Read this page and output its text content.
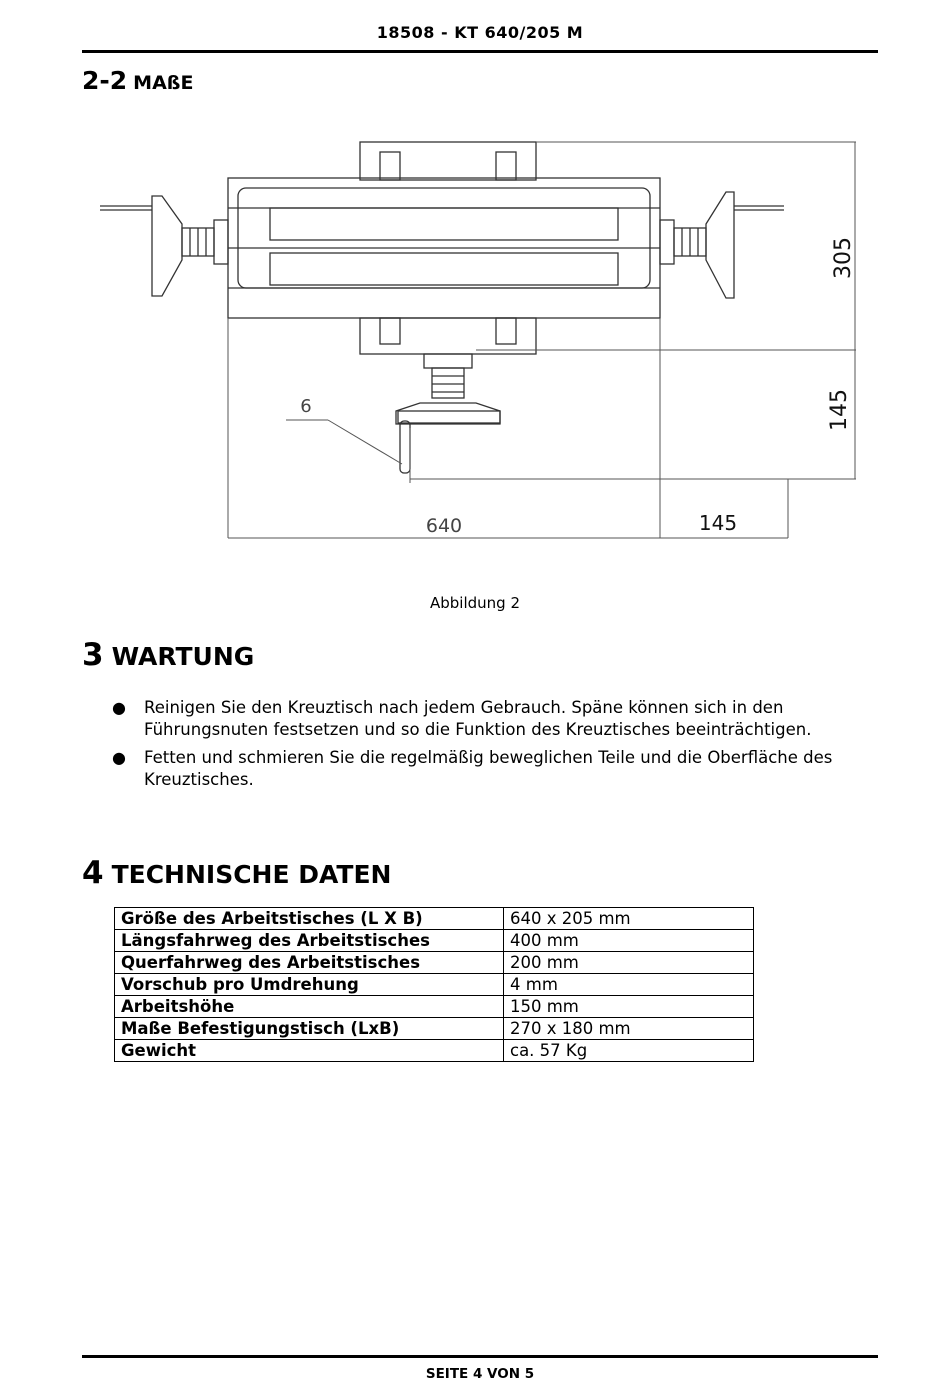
18508 - KT 640/205 M
2-2 MAßE
305
145
145
640
6
Abbildung 2
3 WARTUNG
● Reinigen Sie den Kreuztisch nach jedem Gebrauch. Späne können sich in den Führungsnuten festsetzen und so die Funktion des Kreuztisches beeinträchtigen.
● Fetten und schmieren Sie die regelmäßig beweglichen Teile und die Oberfläche des Kreuztisches.
4 TECHNISCHE DATEN
Größe des Arbeitstisches (L X B)	640 x 205 mm
Längsfahrweg des Arbeitstisches	400 mm
Querfahrweg des Arbeitstisches	200 mm
Vorschub pro Umdrehung	4 mm
Arbeitshöhe	150 mm
Maße Befestigungstisch (LxB)	270 x 180 mm
Gewicht	ca. 57 Kg
SEITE 4 VON 5
